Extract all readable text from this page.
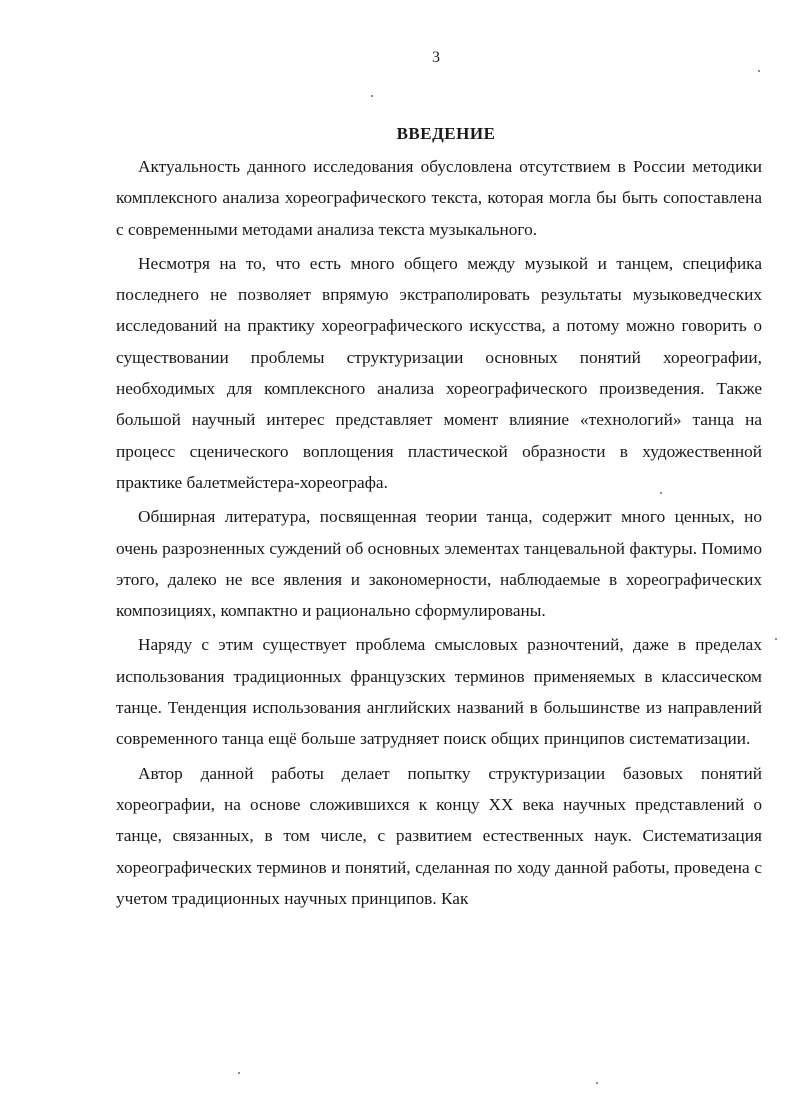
3
ВВЕДЕНИЕ

Актуальность данного исследования обусловлена отсутствием в России методики комплексного анализа хореографического текста, которая могла бы быть сопоставлена с современными методами анализа текста музыкального.

Несмотря на то, что есть много общего между музыкой и танцем, специфика последнего не позволяет впрямую экстраполировать результаты музыковедческих исследований на практику хореографического искусства, а потому можно говорить о существовании проблемы структуризации основных понятий хореографии, необходимых для комплексного анализа хореографического произведения. Также большой научный интерес представляет момент влияние «технологий» танца на процесс сценического воплощения пластической образности в художественной практике балетмейстера-хореографа.

Обширная литература, посвященная теории танца, содержит много ценных, но очень разрозненных суждений об основных элементах танцевальной фактуры. Помимо этого, далеко не все явления и закономерности, наблюдаемые в хореографических композициях, компактно и рационально сформулированы.

Наряду с этим существует проблема смысловых разночтений, даже в пределах использования традиционных французских терминов применяемых в классическом танце. Тенденция использования английских названий в большинстве из направлений современного танца ещё больше затрудняет поиск общих принципов систематизации.

Автор данной работы делает попытку структуризации базовых понятий хореографии, на основе сложившихся к концу XX века научных представлений о танце, связанных, в том числе, с развитием естественных наук. Систематизация хореографических терминов и понятий, сделанная по ходу данной работы, проведена с учетом традиционных научных принципов. Как
